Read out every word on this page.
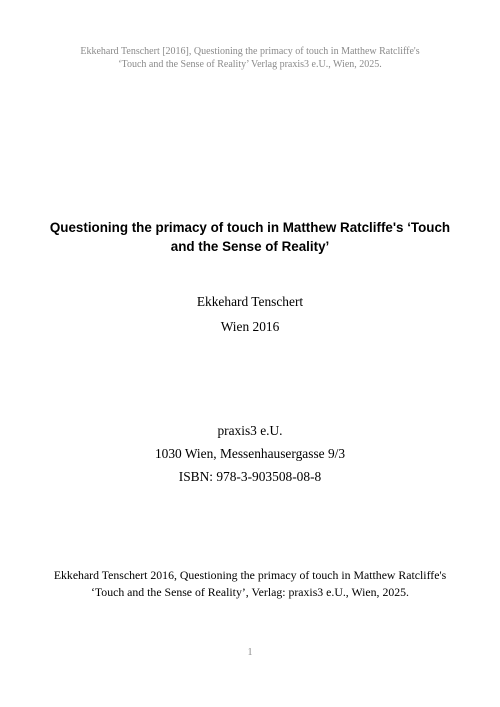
Ekkehard Tenschert [2016], Questioning the primacy of touch in Matthew Ratcliffe's
‘Touch and the Sense of Reality’ Verlag praxis3 e.U., Wien, 2025.
Questioning the primacy of touch in Matthew Ratcliffe's ‘Touch
and the Sense of Reality’
Ekkehard Tenschert
Wien 2016
praxis3 e.U.
1030 Wien, Messenhausergasse 9/3
ISBN: 978-3-903508-08-8
Ekkehard Tenschert 2016, Questioning the primacy of touch in Matthew Ratcliffe's
‘Touch and the Sense of Reality’, Verlag: praxis3 e.U., Wien, 2025.
1
